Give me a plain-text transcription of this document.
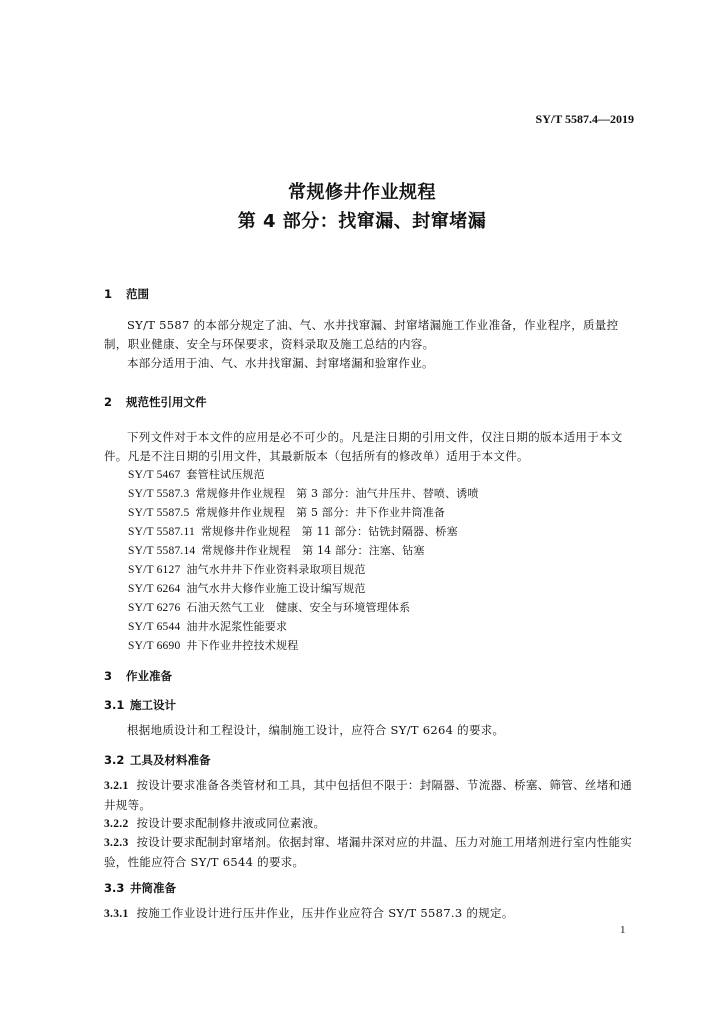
SY/T 5587.4—2019
常规修井作业规程
第 4 部分：找窜漏、封窜堵漏
1 范围
SY/T 5587 的本部分规定了油、气、水井找窜漏、封窜堵漏施工作业准备，作业程序，质量控制，职业健康、安全与环保要求，资料录取及施工总结的内容。
本部分适用于油、气、水井找窜漏、封窜堵漏和验窜作业。
2 规范性引用文件
下列文件对于本文件的应用是必不可少的。凡是注日期的引用文件，仅注日期的版本适用于本文件。凡是不注日期的引用文件，其最新版本（包括所有的修改单）适用于本文件。
SY/T 5467 套管柱试压规范
SY/T 5587.3 常规修井作业规程   第 3 部分：油气井压井、替喷、诱喷
SY/T 5587.5 常规修井作业规程   第 5 部分：井下作业井筒准备
SY/T 5587.11 常规修井作业规程   第 11 部分：钻铣封隔器、桥塞
SY/T 5587.14 常规修井作业规程   第 14 部分：注塞、钻塞
SY/T 6127 油气水井井下作业资料录取项目规范
SY/T 6264 油气水井大修作业施工设计编写规范
SY/T 6276 石油天然气工业   健康、安全与环境管理体系
SY/T 6544 油井水泥浆性能要求
SY/T 6690 井下作业井控技术规程
3 作业准备
3.1 施工设计
根据地质设计和工程设计，编制施工设计，应符合 SY/T 6264 的要求。
3.2 工具及材料准备
3.2.1 按设计要求准备各类管材和工具，其中包括但不限于：封隔器、节流器、桥塞、筛管、丝堵和通井规等。
3.2.2 按设计要求配制修井液或同位素液。
3.2.3 按设计要求配制封窜堵剂。依据封窜、堵漏井深对应的井温、压力对施工用堵剂进行室内性能实验，性能应符合 SY/T 6544 的要求。
3.3 井筒准备
3.3.1 按施工作业设计进行压井作业，压井作业应符合 SY/T 5587.3 的规定。
1
